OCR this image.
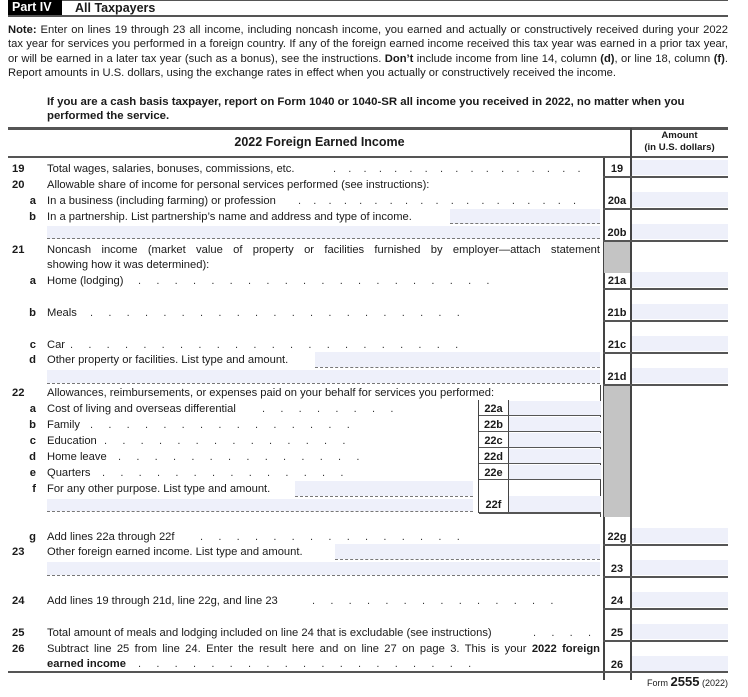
Part IV	All Taxpayers
Note: Enter on lines 19 through 23 all income, including noncash income, you earned and actually or constructively received during your 2022 tax year for services you performed in a foreign country. If any of the foreign earned income received this tax year was earned in a prior tax year, or will be earned in a later tax year (such as a bonus), see the instructions. Don’t include income from line 14, column (d), or line 18, column (f). Report amounts in U.S. dollars, using the exchange rates in effect when you actually or constructively received the income.
If you are a cash basis taxpayer, report on Form 1040 or 1040-SR all income you received in 2022, no matter when you performed the service.
2022 Foreign Earned Income	Amount
(in U.S. dollars)
19 Total wages, salaries, bonuses, commissions, etc.	.    .    .    .    .    .    .    .    .    .    .    .    .    .    .    .    .	19
20 Allowable share of income for personal services performed (see instructions):
a In a business (including farming) or profession .    .    .    .    .    .    .    .    .    .    .    .    .    .    .    .    .    .    .	20a
b In a partnership. List partnership’s name and address and type of income.
20b
21 Noncash income (market value of property or facilities furnished by employer—attach statement
showing how it was determined):
a Home (lodging) .     .     .     .     .     .     .     .     .     .     .     .     .     .     .     .     .     .     .     .	21a
b Meals .     .     .     .     .     .     .     .     .     .     .     .     .     .     .     .     .     .     .     .     .	21b
c Car .     .     .     .     .     .     .     .     .     .     .     .     .     .     .     .     .     .     .     .     .     .	21c
d Other property or facilities. List type and amount.
21d
22 Allowances, reimbursements, or expenses paid on your behalf for services you performed:
a Cost of living and overseas differential .     .     .     .     .     .     .     .	22a
b Family .     .     .     .     .     .     .     .     .     .     .     .     .     .     .	22b
c Education .     .     .     .     .     .     .     .     .     .     .     .     .     .	22c
d Home leave .     .     .     .     .     .     .     .     .     .     .     .     .     .	22d
e Quarters .     .     .     .     .     .     .     .     .     .     .     .     .     .	22e
f For any other purpose. List type and amount.
22f
g Add lines 22a through 22f .     .     .     .     .     .     .     .     .     .     .     .     .     .     .	22g
23 Other foreign earned income. List type and amount.
23
24 Add lines 19 through 21d, line 22g, and line 23	.     .     .     .     .     .     .     .     .     .     .     .     .     .	24
25 Total amount of meals and lodging included on line 24 that is excludable (see instructions)	.     .     .     .	25
26 Subtract line 25 from line 24. Enter the result here and on line 27 on page 3. This is your 2022 foreign
earned income .     .     .     .     .     .     .     .     .     .     .     .     .     .     .     .     .     .     .	26
Form 2555 (2022)
